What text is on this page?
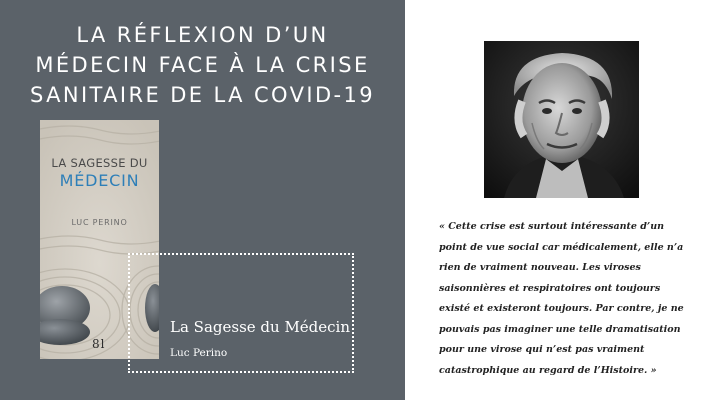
LA RÉFLEXION D’UN
MÉDECIN FACE À LA CRISE
SANITAIRE DE LA COVID-19
LA SAGESSE DU
MÉDECIN
LUC PERINO
8l
La Sagesse du Médecin
Luc Perino
« Cette crise est surtout intéressante d’un
point de vue social car médicalement, elle n’a
rien de vraiment nouveau. Les viroses
saisonnières et respiratoires ont toujours
existé et existeront toujours. Par contre, je ne
pouvais pas imaginer une telle dramatisation
pour une virose qui n’est pas vraiment
catastrophique au regard de l’Histoire. »
